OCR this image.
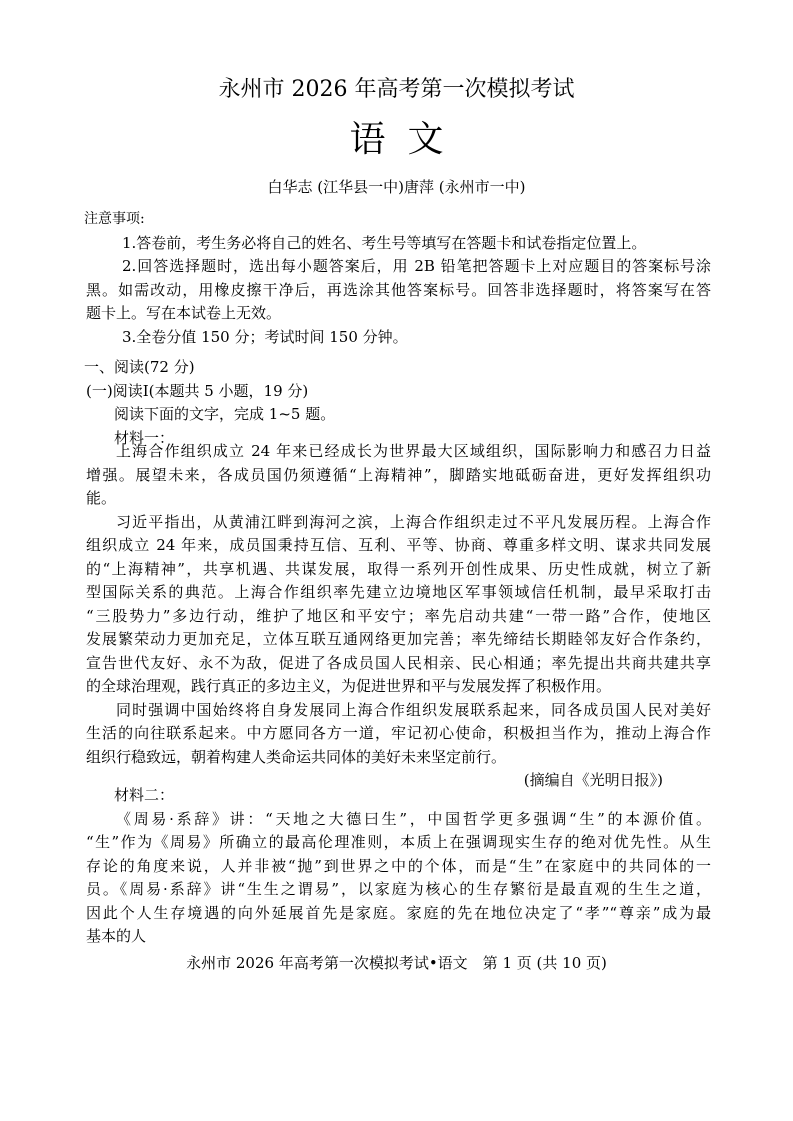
永州市 2026 年高考第一次模拟考试
语文
白华志 (江华县一中)唐萍 (永州市一中)
注意事项:
1.答卷前，考生务必将自己的姓名、考生号等填写在答题卡和试卷指定位置上。
2.回答选择题时，选出每小题答案后，用 2B 铅笔把答题卡上对应题目的答案标号涂
黑。如需改动，用橡皮擦干净后，再选涂其他答案标号。回答非选择题时，将答案写在答
题卡上。写在本试卷上无效。
3.全卷分值 150 分；考试时间 150 分钟。
一、阅读(72 分)
(一)阅读Ⅰ(本题共 5 小题，19 分)
阅读下面的文字，完成 1~5 题。
材料一：
上海合作组织成立 24 年来已经成长为世界最大区域组织，国际影响力和感召力日益
增强。展望未来，各成员国仍须遵循“上海精神”，脚踏实地砥砺奋进，更好发挥组织功
能。
习近平指出，从黄浦江畔到海河之滨，上海合作组织走过不平凡发展历程。上海合作
组织成立 24 年来，成员国秉持互信、互利、平等、协商、尊重多样文明、谋求共同发展
的“上海精神”，共享机遇、共谋发展，取得一系列开创性成果、历史性成就，树立了新
型国际关系的典范。上海合作组织率先建立边境地区军事领域信任机制，最早采取打击
“三股势力”多边行动，维护了地区和平安宁；率先启动共建“一带一路”合作，使地区
发展繁荣动力更加充足，立体互联互通网络更加完善；率先缔结长期睦邻友好合作条约，
宣告世代友好、永不为敌，促进了各成员国人民相亲、民心相通；率先提出共商共建共享
的全球治理观，践行真正的多边主义，为促进世界和平与发展发挥了积极作用。
同时强调中国始终将自身发展同上海合作组织发展联系起来，同各成员国人民对美好
生活的向往联系起来。中方愿同各方一道，牢记初心使命，积极担当作为，推动上海合作
组织行稳致远，朝着构建人类命运共同体的美好未来坚定前行。
(摘编自《光明日报》)
材料二：
《周易·系辞》讲：“天地之大德曰生”，中国哲学更多强调“生”的本源价值。
“生”作为《周易》所确立的最高伦理准则，本质上在强调现实生存的绝对优先性。从生
存论的角度来说，人并非被“抛”到世界之中的个体，而是“生”在家庭中的共同体的一
员。《周易·系辞》讲“生生之谓易”，以家庭为核心的生存繁衍是最直观的生生之道，
因此个人生存境遇的向外延展首先是家庭。家庭的先在地位决定了“孝”“尊亲”成为最
基本的人
永州市 2026 年高考第一次模拟考试•语文　第 1 页 (共 10 页)
